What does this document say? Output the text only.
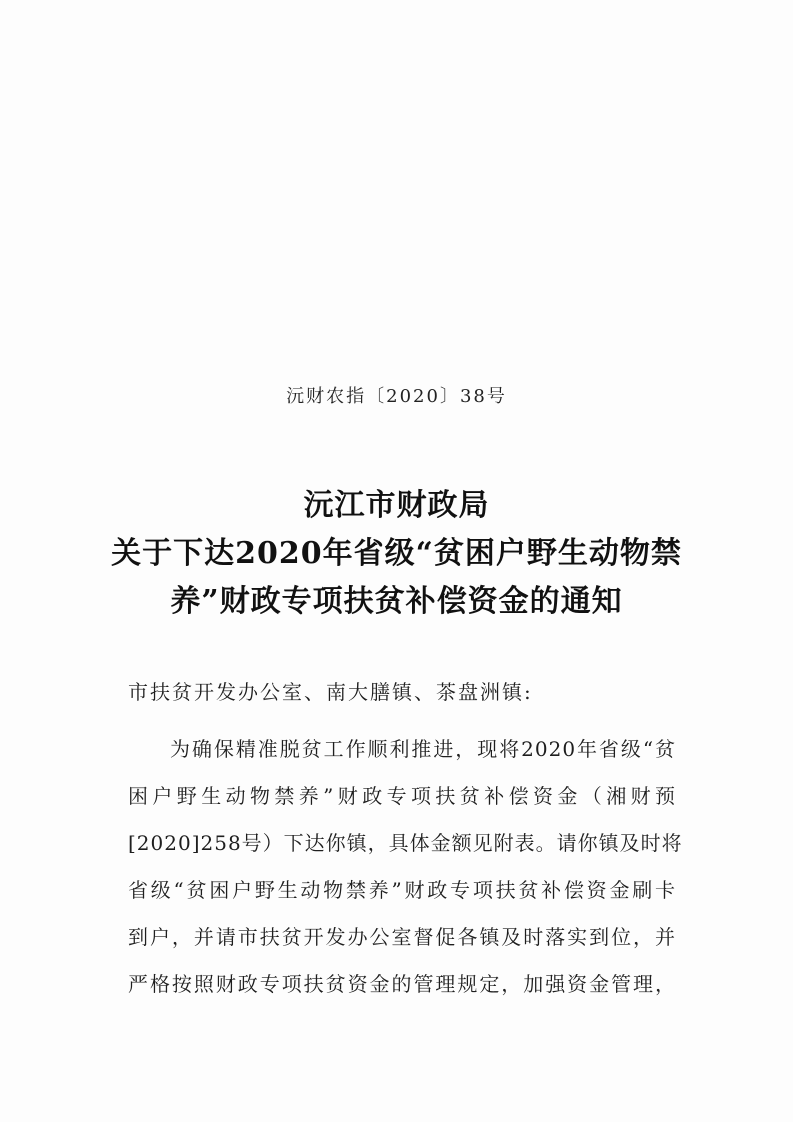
沅财农指〔2020〕38号
沅江市财政局
关于下达2020年省级“贫困户野生动物禁
养”财政专项扶贫补偿资金的通知
市扶贫开发办公室、南大膳镇、茶盘洲镇:
为确保精准脱贫工作顺利推进，现将2020年省级“贫
困户野生动物禁养”财政专项扶贫补偿资金（湘财预
[2020]258号）下达你镇，具体金额见附表。请你镇及时将
省级“贫困户野生动物禁养”财政专项扶贫补偿资金刷卡
到户，并请市扶贫开发办公室督促各镇及时落实到位，并
严格按照财政专项扶贫资金的管理规定，加强资金管理，
